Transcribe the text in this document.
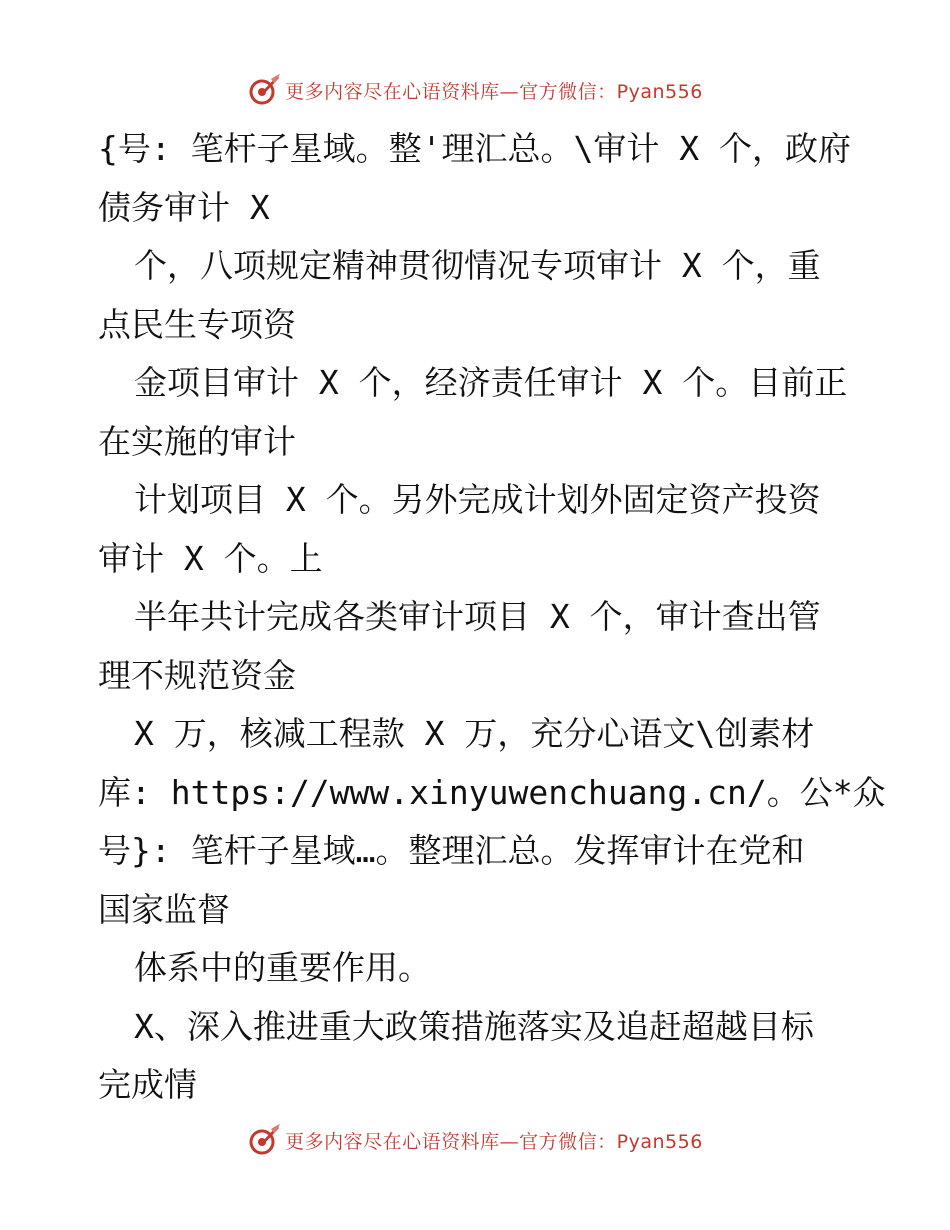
更多内容尽在心语资料库—官方微信：Pyan556
{号: 笔杆子星域。整'理汇总。\审计 X 个，政府
债务审计 X
个，八项规定精神贯彻情况专项审计 X 个，重
点民生专项资
金项目审计 X 个，经济责任审计 X 个。目前正
在实施的审计
计划项目 X 个。另外完成计划外固定资产投资
审计 X 个。上
半年共计完成各类审计项目 X 个，审计查出管
理不规范资金
X 万，核减工程款 X 万，充分心语文\创素材
库: https://www.xinyuwenchuang.cn/。公*众
号}: 笔杆子星域…。整理汇总。发挥审计在党和
国家监督
体系中的重要作用。
X、深入推进重大政策措施落实及追赶超越目标
完成情
更多内容尽在心语资料库—官方微信：Pyan556
